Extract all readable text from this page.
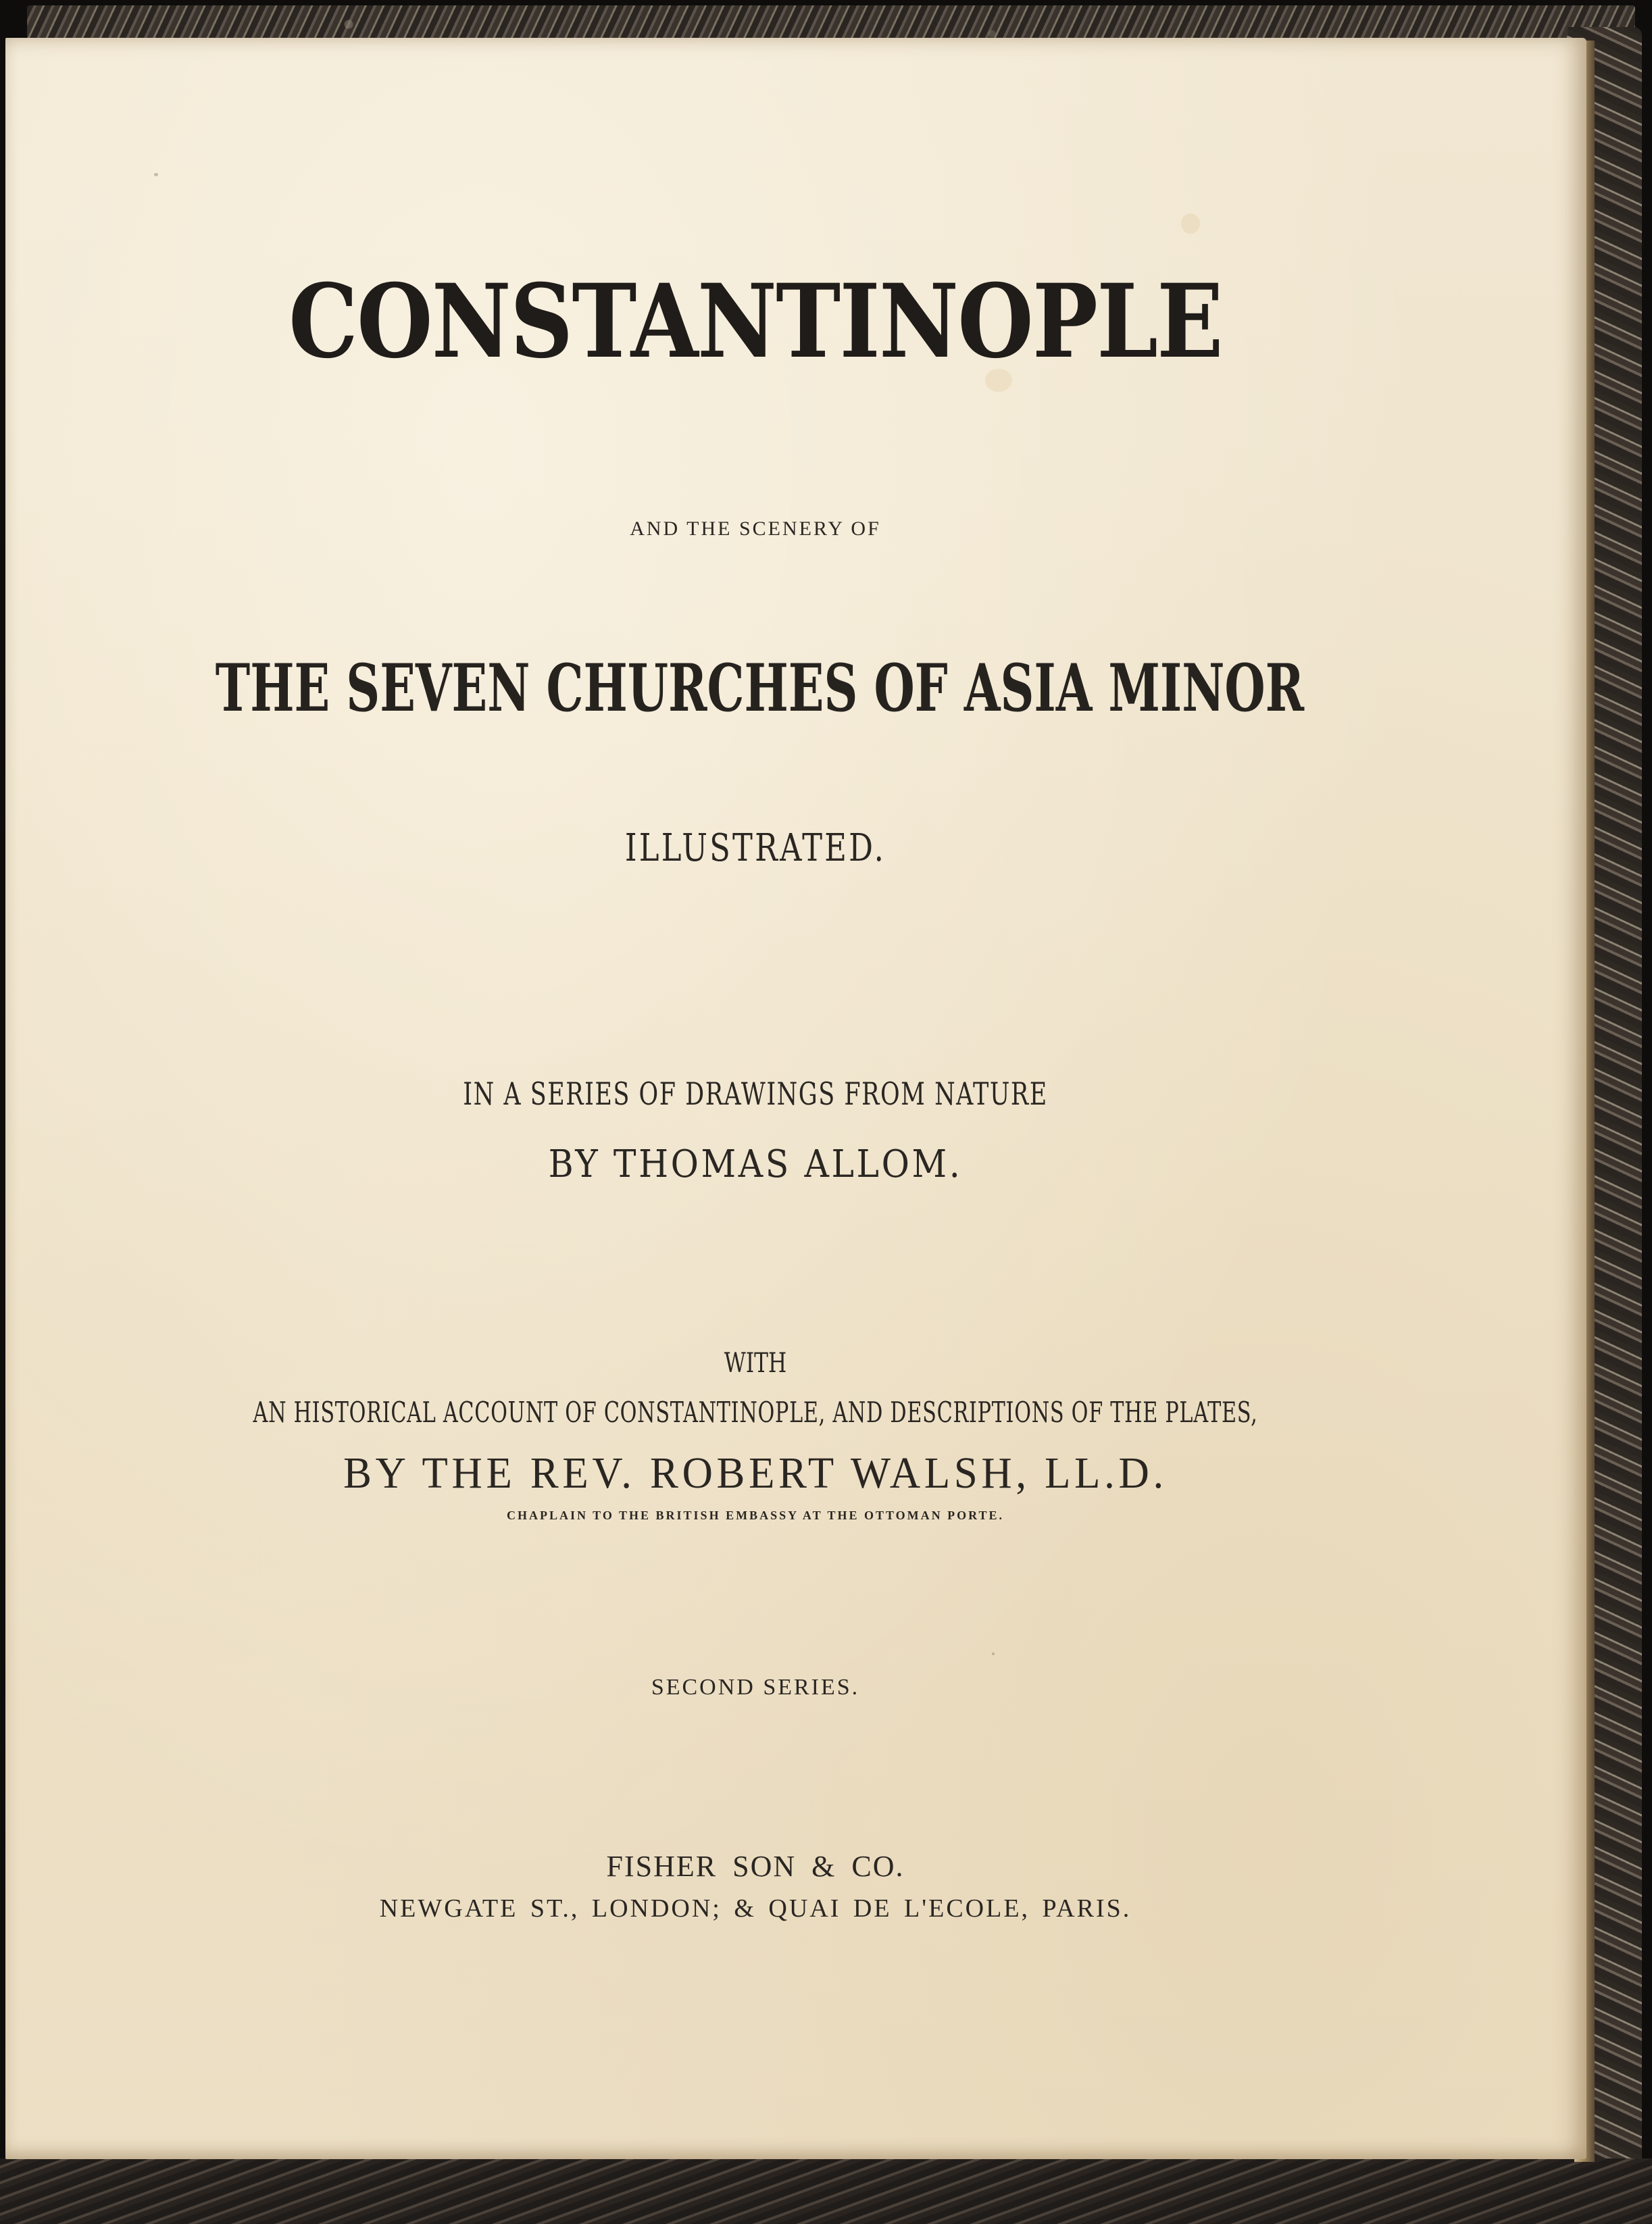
CONSTANTINOPLE

AND THE SCENERY OF

THE SEVEN CHURCHES OF ASIA MINOR

ILLUSTRATED.

IN A SERIES OF DRAWINGS FROM NATURE

BY THOMAS ALLOM.

WITH

AN HISTORICAL ACCOUNT OF CONSTANTINOPLE, AND DESCRIPTIONS OF THE PLATES,

BY THE REV. ROBERT WALSH, LL.D.

CHAPLAIN TO THE BRITISH EMBASSY AT THE OTTOMAN PORTE.

SECOND SERIES.

FISHER SON & CO.

NEWGATE ST., LONDON; & QUAI DE L'ECOLE, PARIS.
